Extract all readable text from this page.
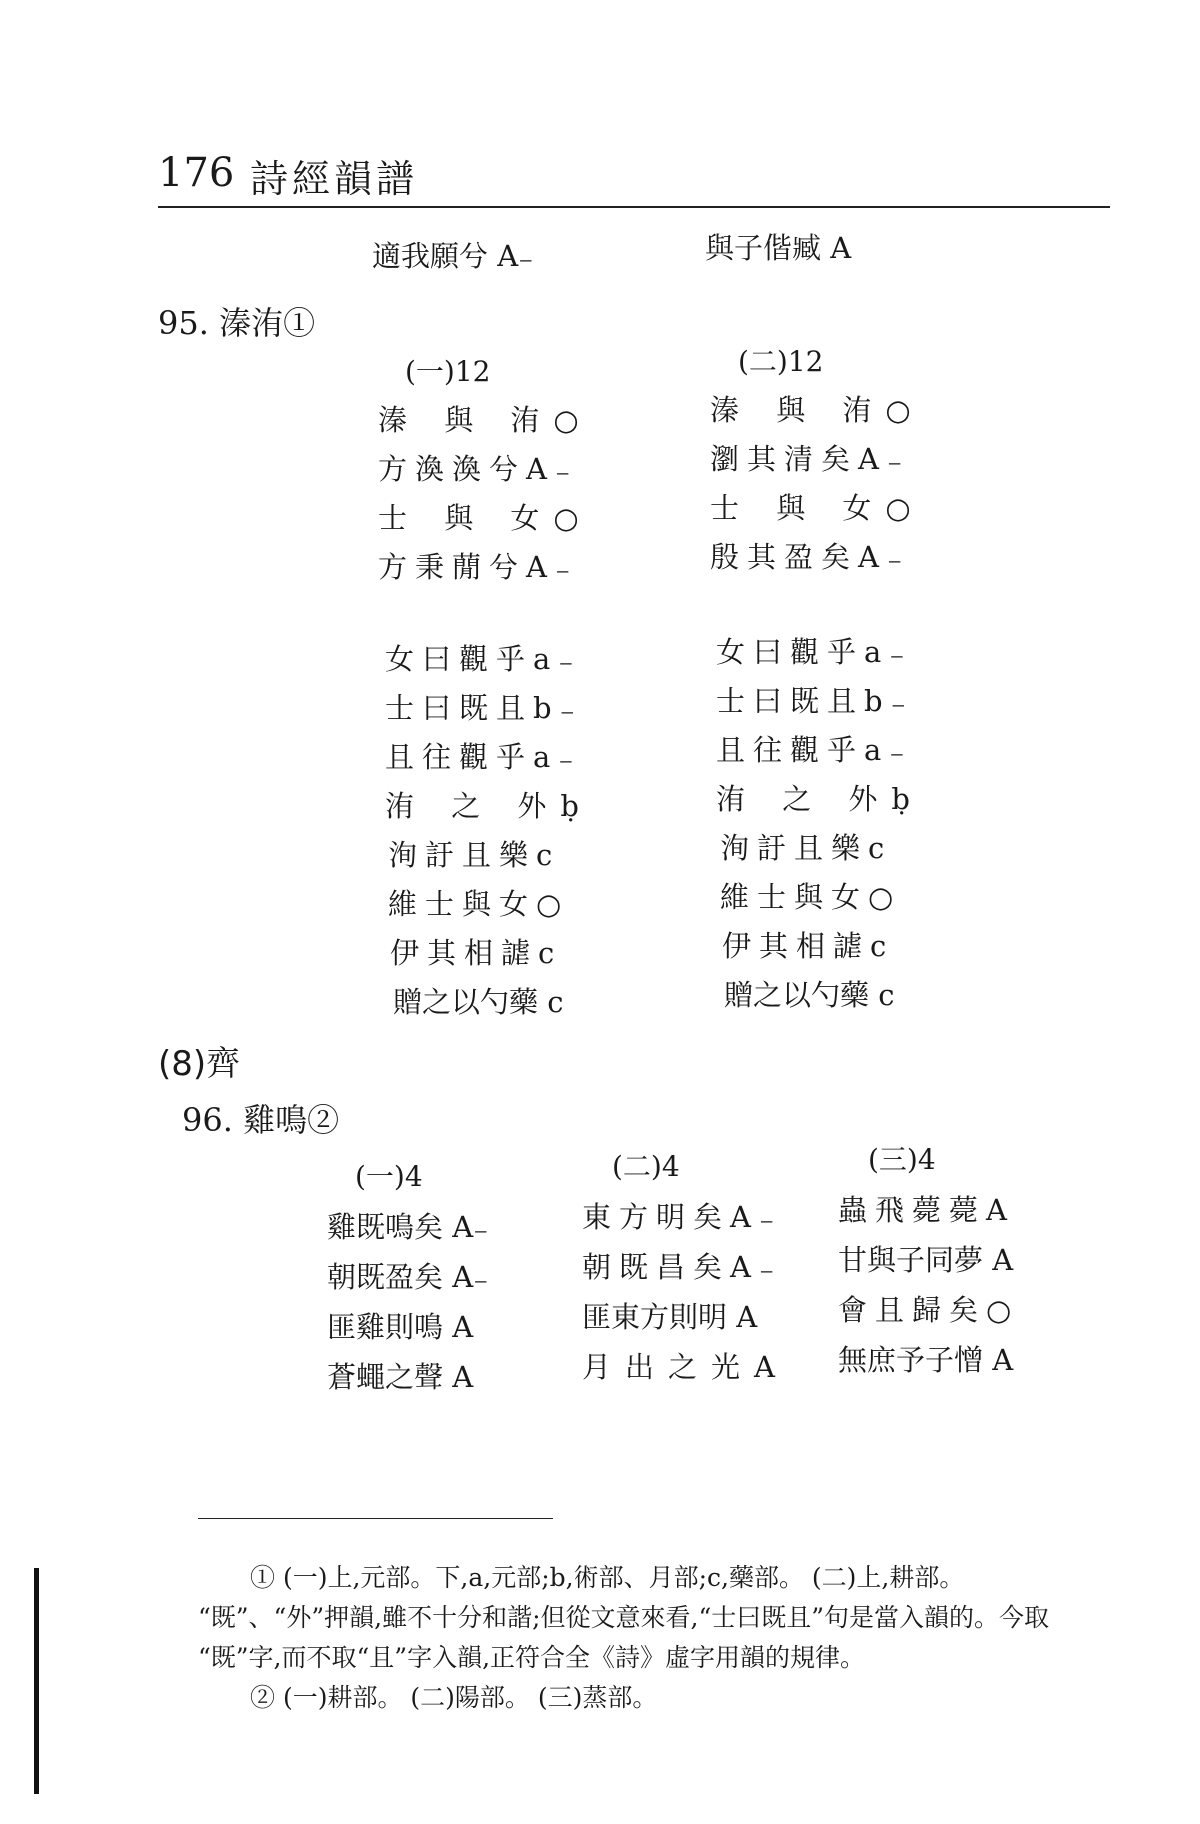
176 詩經韻譜
適我願兮 A₋	與子偕臧 A
95. 溱洧①
(一)12
溱 與 洧○
方渙渙兮A₋
士 與 女○
方秉蕑兮A₋
女曰觀乎a₋
士曰既且b₋
且往觀乎a₋
洧 之 外ḅ
洵訏且樂c
維士與女○
伊其相謔c
贈之以勺藥 c
(二)12
溱 與 洧○
瀏其清矣A₋
士 與 女○
殷其盈矣A₋
女曰觀乎a₋
士曰既且b₋
且往觀乎a₋
洧 之 外ḅ
洵訏且樂c
維士與女○
伊其相謔c
贈之以勺藥 c
(8)齊
96. 雞鳴②
(一)4
雞既鳴矣 A₋
朝既盈矣 A₋
匪雞則鳴 A
蒼蠅之聲 A
(二)4
東方明矣A₋
朝既昌矣A₋
匪東方則明 A
月出之光A
(三)4
蟲飛薨薨A
甘與子同夢 A
會且歸矣○
無庶予子憎 A
① (一)上,元部。下,a,元部;b,術部、月部;c,藥部。 (二)上,耕部。
“既”、“外”押韻,雖不十分和諧;但從文意來看,“士曰既且”句是當入韻的。今取
“既”字,而不取“且”字入韻,正符合全《詩》虛字用韻的規律。
② (一)耕部。 (二)陽部。 (三)蒸部。
